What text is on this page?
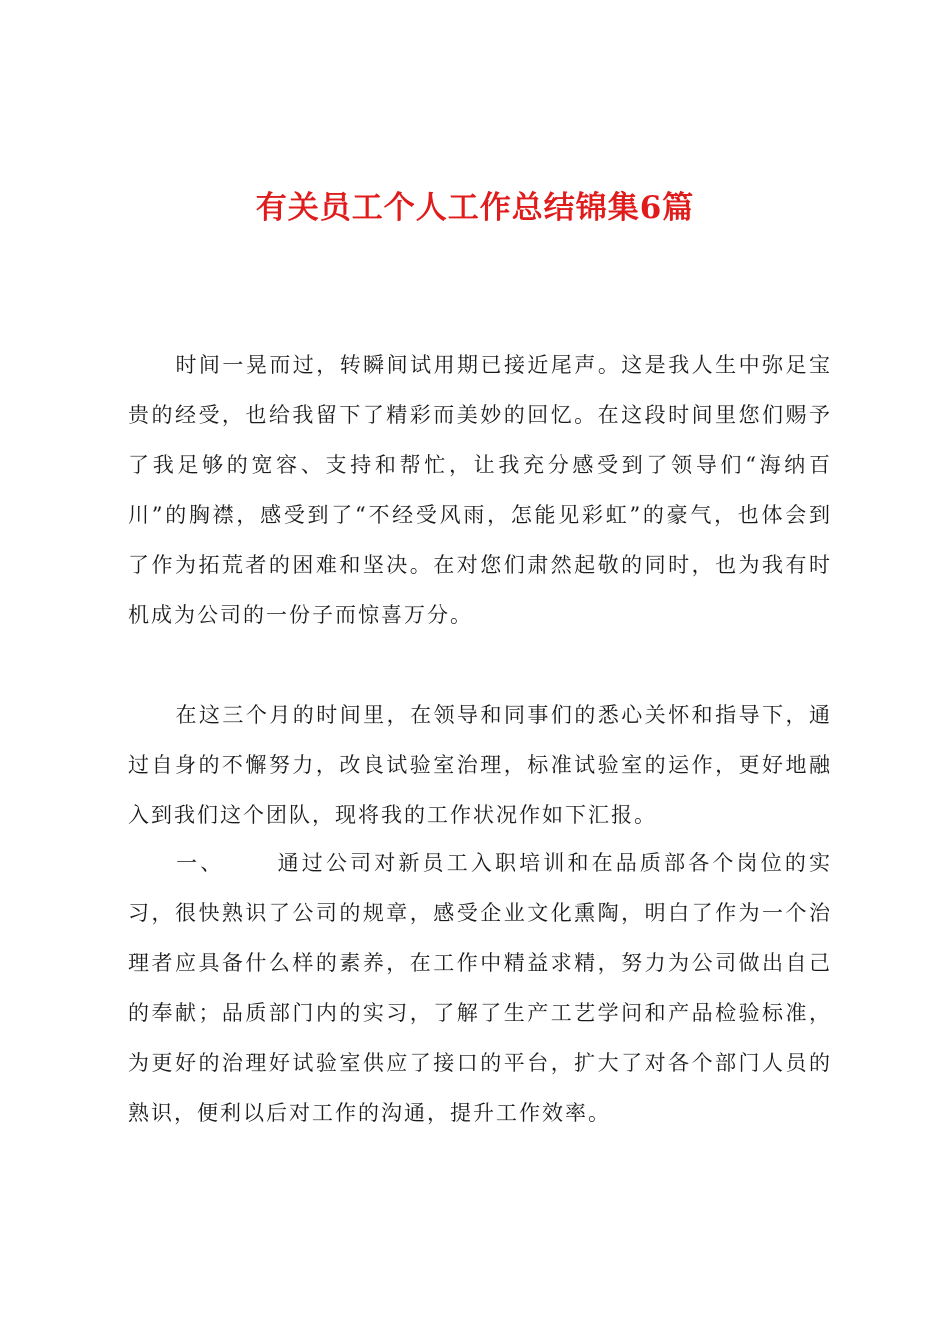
有关员工个人工作总结锦集6篇
时间一晃而过，转瞬间试用期已接近尾声。这是我人生中弥足宝贵的经受，也给我留下了精彩而美妙的回忆。在这段时间里您们赐予了我足够的宽容、支持和帮忙，让我充分感受到了领导们“海纳百川”的胸襟，感受到了“不经受风雨，怎能见彩虹”的豪气，也体会到了作为拓荒者的困难和坚决。在对您们肃然起敬的同时，也为我有时机成为公司的一份子而惊喜万分。
在这三个月的时间里，在领导和同事们的悉心关怀和指导下，通过自身的不懈努力，改良试验室治理，标准试验室的运作，更好地融入到我们这个团队，现将我的工作状况作如下汇报。
一、 通过公司对新员工入职培训和在品质部各个岗位的实习，很快熟识了公司的规章，感受企业文化熏陶，明白了作为一个治理者应具备什么样的素养，在工作中精益求精，努力为公司做出自己的奉献；品质部门内的实习，了解了生产工艺学问和产品检验标准，为更好的治理好试验室供应了接口的平台，扩大了对各个部门人员的熟识，便利以后对工作的沟通，提升工作效率。
